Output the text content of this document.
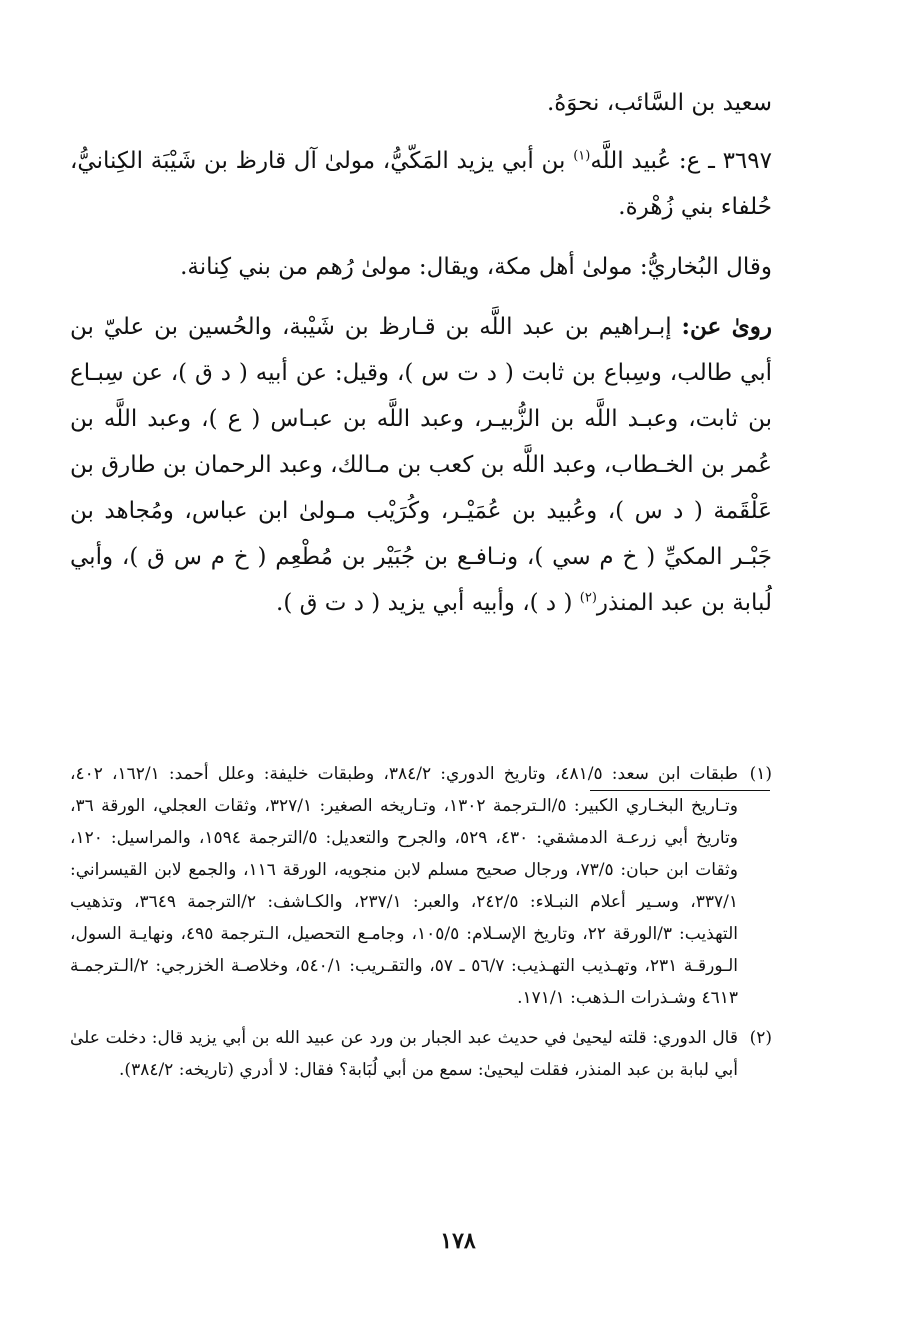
سعيد بن السَّائب، نحوَهُ.

٣٦٩٧ ـ ع: عُبيد اللَّه$^{(١)}$ بن أبي يزيد المَكّيُّ، مولىٰ آل قارظ بن شَيْبَة الكِنانيُّ، حُلفاء بني زُهْرة.

وقال البُخاريُّ: مولىٰ أهل مكة، ويقال: مولىٰ رُهم من بني كِنانة.

روىٰ عن: إبـراهيم بن عبد اللَّه بن قـارظ بن شَيْبة، والحُسين بن عليّ بن أبي طالب، وسِباع بن ثابت ( د ت س )، وقيل: عن أبيه ( د ق )، عن سِبـاع بن ثابت، وعبـد اللَّه بن الزُّبيـر، وعبد اللَّه بن عبـاس ( ع )، وعبد اللَّه بن عُمر بن الخـطاب، وعبد اللَّه بن كعب بن مـالك، وعبد الرحمان بن طارق بن عَلْقَمة ( د س )، وعُبيد بن عُمَيْـر، وكُرَيْب مـولىٰ ابن عباس، ومُجاهد بن جَبْـر المكيِّ ( خ م سي )، ونـافـع بن جُبَيْر بن مُطْعِم ( خ م س ق )، وأبي لُبابة بن عبد المنذر$^{(٢)}$ ( د )، وأبيه أبي يزيد ( د ت ق ).

(١)
طبقات ابن سعد: ٤٨١/٥، وتاريخ الدوري: ٣٨٤/٢، وطبقات خليفة: وعلل أحمد: ١٦٢/١، ٤٠٢، وتـاريخ البخـاري الكبير: ٥/الـترجمة ١٣٠٢، وتـاريخه الصغير: ٣٢٧/١، وثقات العجلي، الورقة ٣٦، وتاريخ أبي زرعـة الدمشقي: ٤٣٠، ٥٢٩، والجرح والتعديل: ٥/الترجمة ١٥٩٤، والمراسيل: ١٢٠، وثقات ابن حبان: ٧٣/٥، ورجال صحيح مسلم لابن منجويه، الورقة ١١٦، والجمع لابن القيسراني: ٣٣٧/١، وسـير أعلام النبـلاء: ٢٤٢/٥، والعبر: ٢٣٧/١، والكـاشف: ٢/الترجمة ٣٦٤٩، وتذهيب التهذيب: ٣/الورقة ٢٢، وتاريخ الإسـلام: ١٠٥/٥، وجامـع التحصيل، الـترجمة ٤٩٥، ونهايـة السول، الـورقـة ٢٣١، وتهـذيب التهـذيب: ٥٦/٧ ـ ٥٧، والتقـريب: ٥٤٠/١، وخلاصـة الخزرجي: ٢/الـترجمـة ٤٦١٣ وشـذرات الـذهب: ١٧١/١.
(٢)
قال الدوري: قلته ليحيىٰ في حديث عبد الجبار بن ورد عن عبيد الله بن أبي يزيد قال: دخلت علىٰ أبي لبابة بن عبد المنذر، فقلت ليحيىٰ: سمع من أبي لُبَابة؟ فقال: لا أدري (تاريخه: ٣٨٤/٢).
١٧٨
